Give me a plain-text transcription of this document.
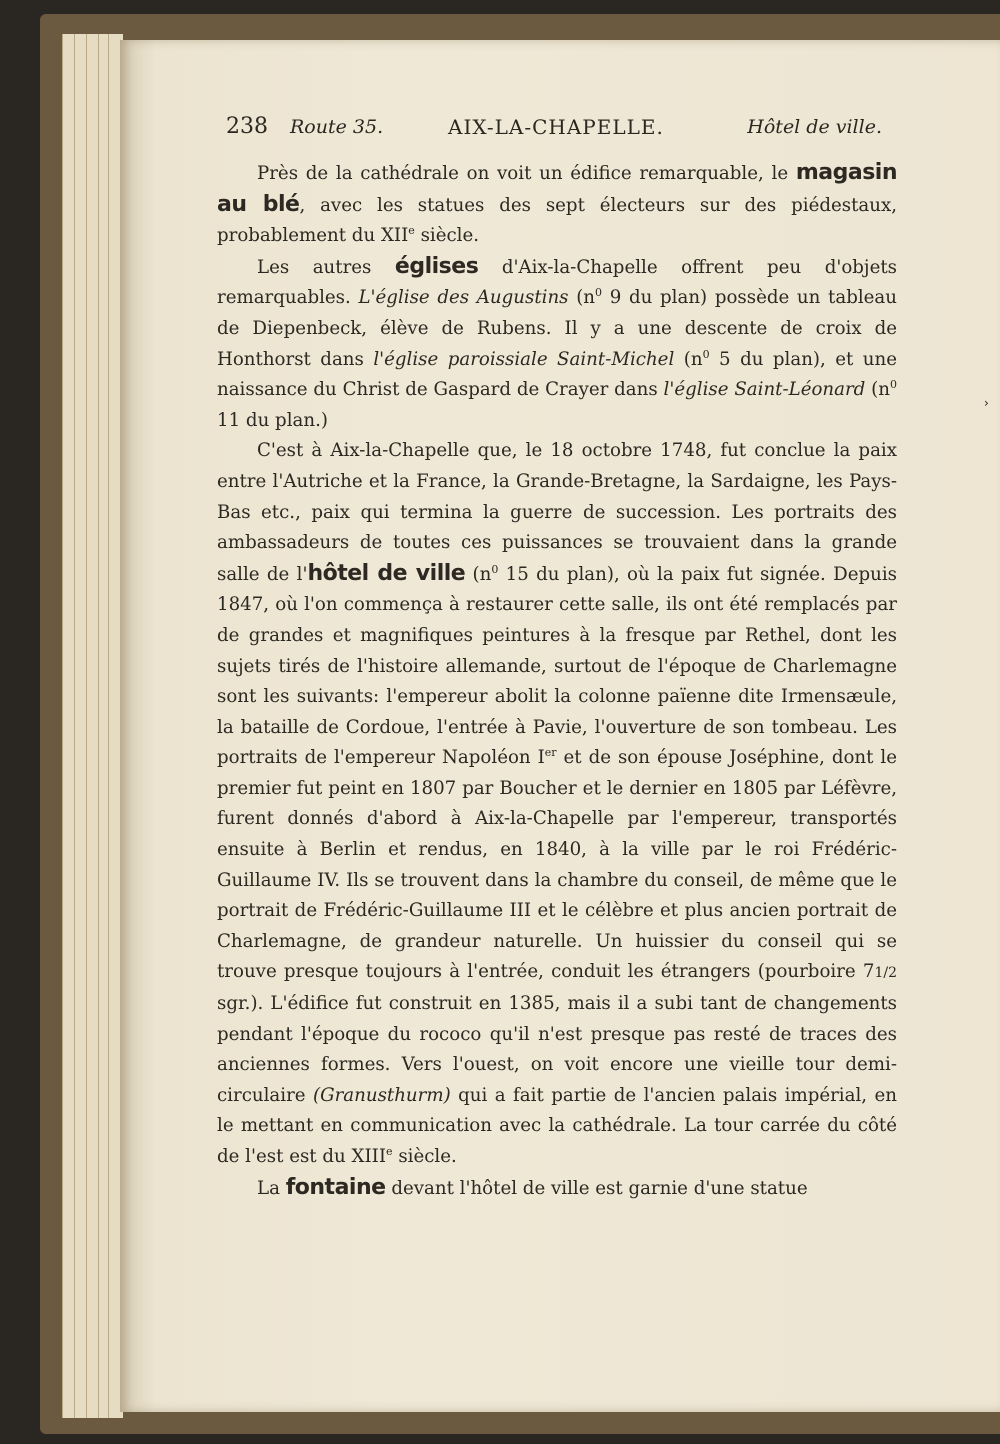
238 Route 35.	AIX-LA-CHAPELLE.	Hôtel de ville.

Près de la cathédrale on voit un édifice remarquable, le magasin au blé, avec les statues des sept électeurs sur des piédestaux, probablement du XIIe siècle.

Les autres églises d'Aix-la-Chapelle offrent peu d'objets remarquables. L'église des Augustins ($n^0$ 9 du plan) possède un tableau de Diepenbeck, élève de Rubens. Il y a une descente de croix de Honthorst dans l'église paroissiale Saint-Michel ($n^0$ 5 du plan), et une naissance du Christ de Gaspard de Crayer dans l'église Saint-Léonard ($n^0$ 11 du plan.)

C'est à Aix-la-Chapelle que, le 18 octobre 1748, fut conclue la paix entre l'Autriche et la France, la Grande-Bretagne, la Sardaigne, les Pays-Bas etc., paix qui termina la guerre de succession. Les portraits des ambassadeurs de toutes ces puissances se trouvaient dans la grande salle de l'hôtel de ville ($n^0$ 15 du plan), où la paix fut signée. Depuis 1847, où l'on commença à restaurer cette salle, ils ont été remplacés par de grandes et magnifiques peintures à la fresque par Rethel, dont les sujets tirés de l'histoire allemande, surtout de l'époque de Charlemagne sont les suivants: l'empereur abolit la colonne païenne dite Irmensæule, la bataille de Cordoue, l'entrée à Pavie, l'ouverture de son tombeau. Les portraits de l'empereur Napoléon Ier et de son épouse Joséphine, dont le premier fut peint en 1807 par Boucher et le dernier en 1805 par Léfèvre, furent donnés d'abord à Aix-la-Chapelle par l'empereur, transportés ensuite à Berlin et rendus, en 1840, à la ville par le roi Frédéric-Guillaume IV. Ils se trouvent dans la chambre du conseil, de même que le portrait de Frédéric-Guillaume III et le célèbre et plus ancien portrait de Charlemagne, de grandeur naturelle. Un huissier du conseil qui se trouve presque toujours à l'entrée, conduit les étrangers (pourboire 71/2 sgr.). L'édifice fut construit en 1385, mais il a subi tant de changements pendant l'époque du rococo qu'il n'est presque pas resté de traces des anciennes formes. Vers l'ouest, on voit encore une vieille tour demi-circulaire (Granusthurm) qui a fait partie de l'ancien palais impérial, en le mettant en communication avec la cathédrale. La tour carrée du côté de l'est est du XIIIe siècle.

La fontaine devant l'hôtel de ville est garnie d'une statue

›
